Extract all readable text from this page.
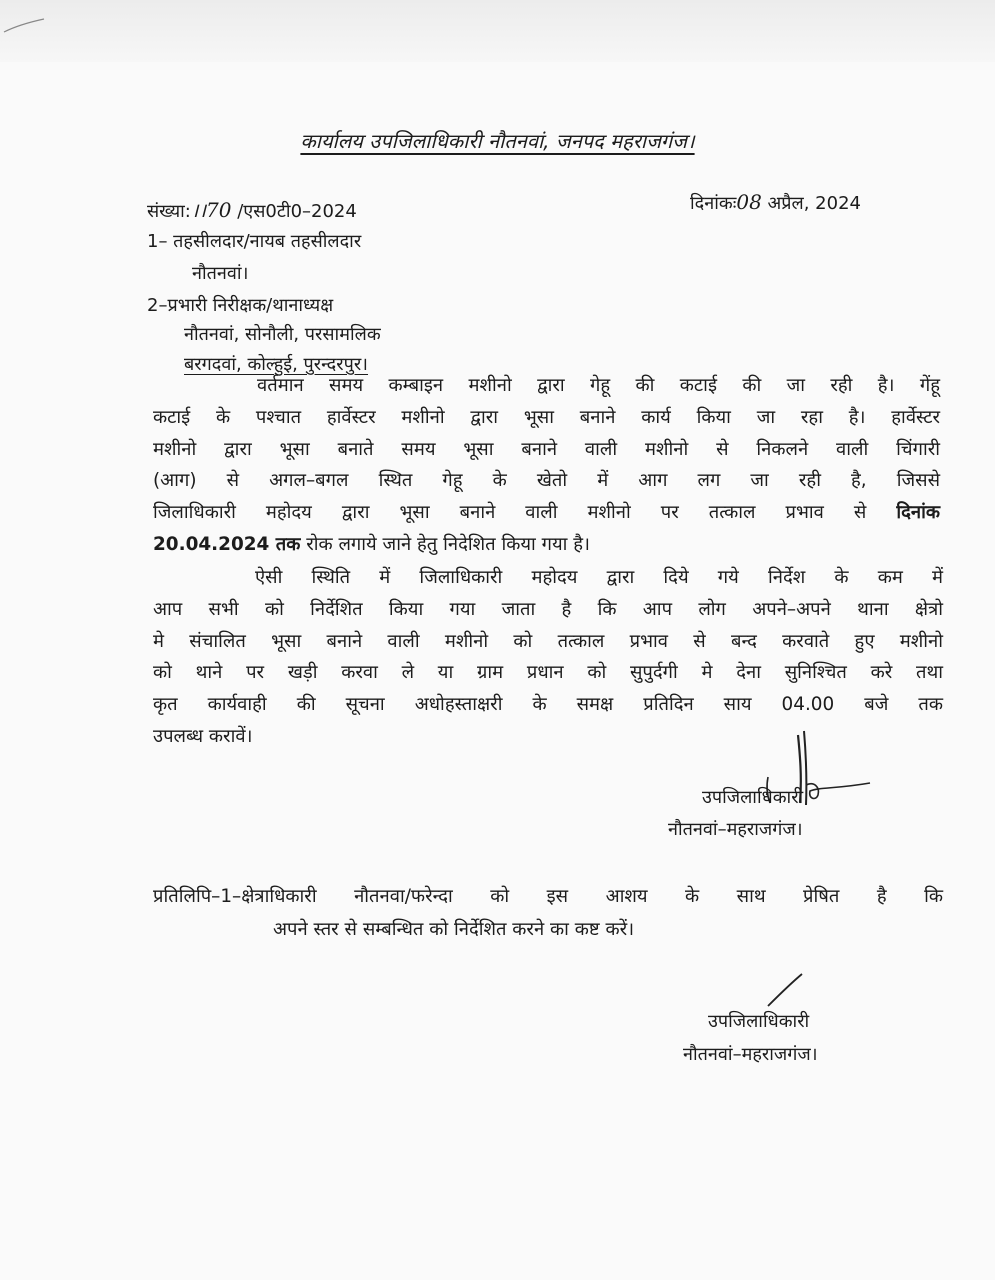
कार्यालय उपजिलाधिकारी नौतनवां, जनपद महराजगंज।
संख्या:।।70 /एस0टी0–2024	दिनांकः08 अप्रैल, 2024
1– तहसीलदार/नायब तहसीलदार
नौतनवां।
2–प्रभारी निरीक्षक/थानाध्यक्ष
नौतनवां, सोनौली, परसामलिक
बरगदवां, कोल्हुई, पुरन्दरपुर।
वर्तमान समय कम्बाइन मशीनो द्वारा गेहू की कटाई की जा रही है। गेंहू
कटाई के पश्चात हार्वेस्टर मशीनो द्वारा भूसा बनाने कार्य किया जा रहा है। हार्वेस्टर
मशीनो द्वारा भूसा बनाते समय भूसा बनाने वाली मशीनो से निकलने वाली चिंगारी
(आग) से अगल–बगल स्थित गेहू के खेतो में आग लग जा रही है, जिससे
जिलाधिकारी महोदय द्वारा भूसा बनाने वाली मशीनो पर तत्काल प्रभाव से दिनांक
20.04.2024 तक रोक लगाये जाने हेतु निदेशित किया गया है।
ऐसी स्थिति में जिलाधिकारी महोदय द्वारा दिये गये निर्देश के कम में
आप सभी को निर्देशित किया गया जाता है कि आप लोग अपने–अपने थाना क्षेत्रो
मे संचालित भूसा बनाने वाली मशीनो को तत्काल प्रभाव से बन्द करवाते हुए मशीनो
को थाने पर खड़ी करवा ले या ग्राम प्रधान को सुपुर्दगी मे देना सुनिश्चित करे तथा
कृत कार्यवाही की सूचना अधोहस्ताक्षरी के समक्ष प्रतिदिन साय 04.00 बजे तक
उपलब्ध करावें।
उपजिलाधिकारी
नौतनवां–महराजगंज।
प्रतिलिपि–1–क्षेत्राधिकारी नौतनवा/फरेन्दा को इस आशय के साथ प्रेषित है कि
अपने स्तर से सम्बन्धित को निर्देशित करने का कष्ट करें।
उपजिलाधिकारी
नौतनवां–महराजगंज।
